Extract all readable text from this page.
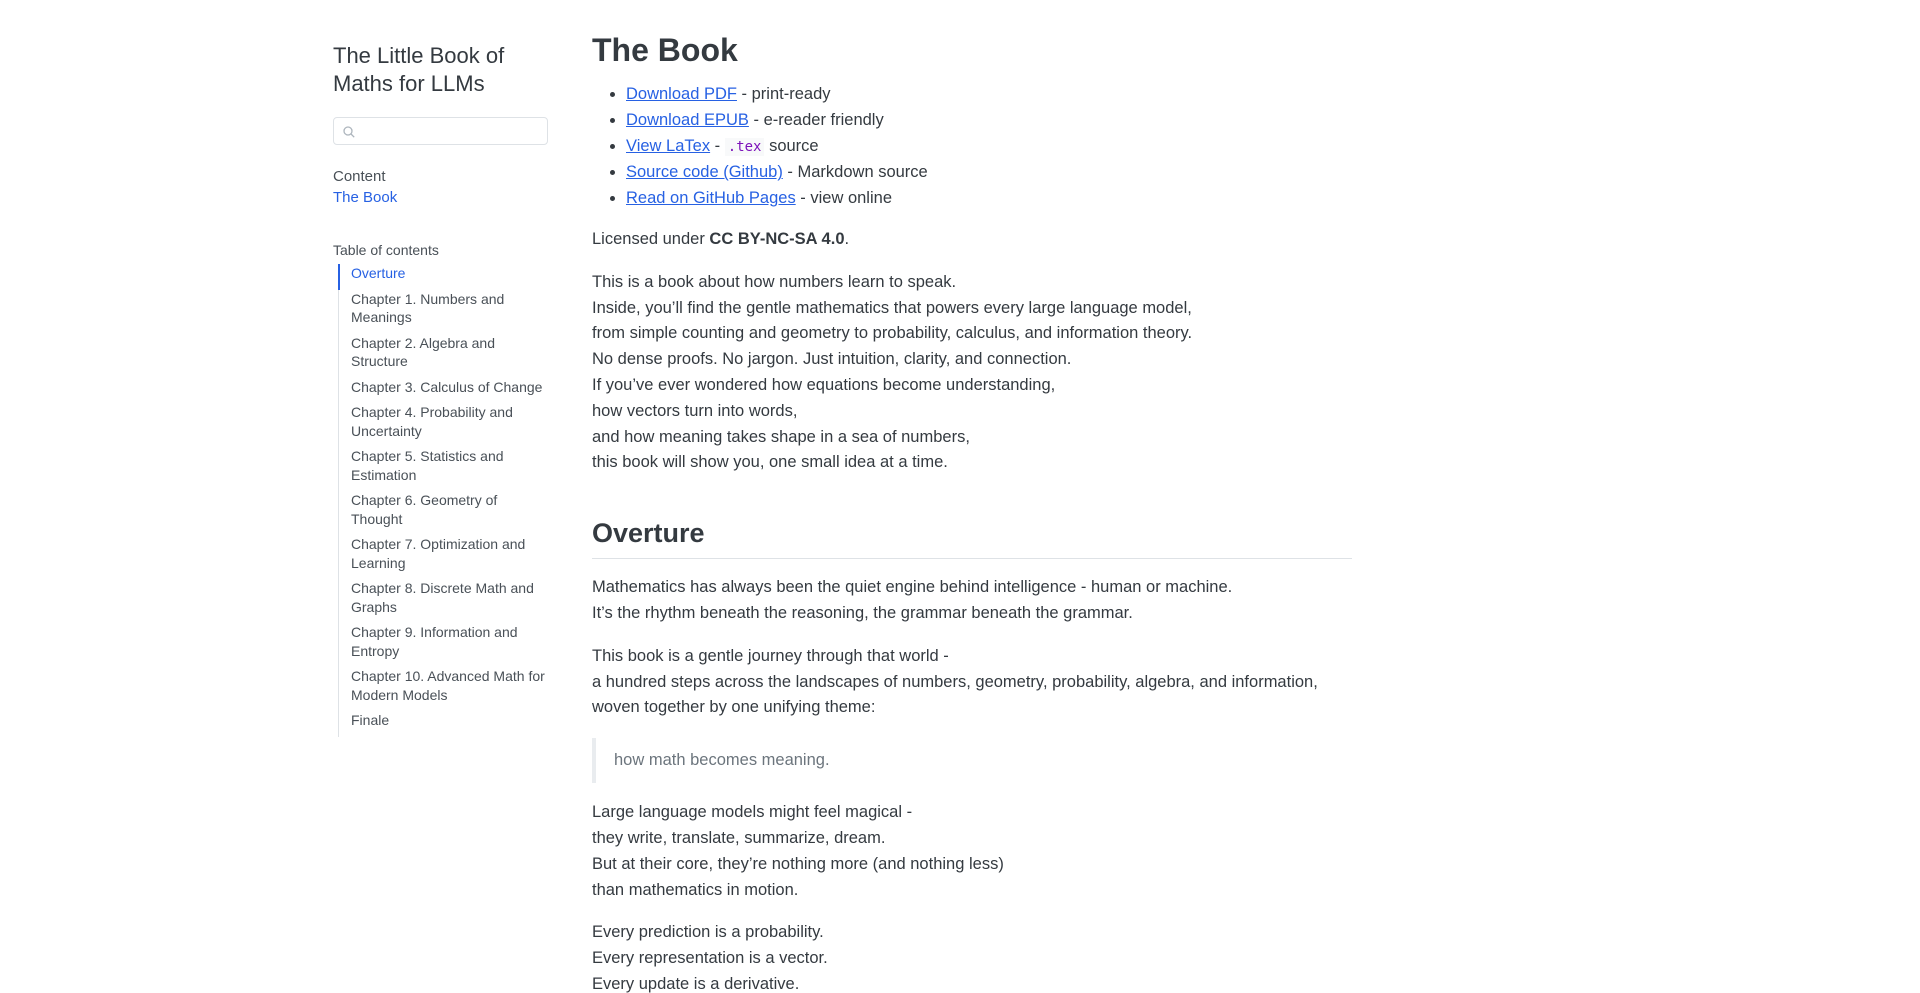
The Little Book of Maths for LLMs
Content
The Book
Table of contents
Overture
Chapter 1. Numbers and Meanings
Chapter 2. Algebra and Structure
Chapter 3. Calculus of Change
Chapter 4. Probability and Uncertainty
Chapter 5. Statistics and Estimation
Chapter 6. Geometry of Thought
Chapter 7. Optimization and Learning
Chapter 8. Discrete Math and Graphs
Chapter 9. Information and Entropy
Chapter 10. Advanced Math for Modern Models
Finale
The Book
• Download PDF - print-ready
• Download EPUB - e-reader friendly
• View LaTex - .tex source
• Source code (Github) - Markdown source
• Read on GitHub Pages - view online

Licensed under CC BY-NC-SA 4.0.

This is a book about how numbers learn to speak.
Inside, you’ll find the gentle mathematics that powers every large language model,
from simple counting and geometry to probability, calculus, and information theory.
No dense proofs. No jargon. Just intuition, clarity, and connection.
If you’ve ever wondered how equations become understanding,
how vectors turn into words,
and how meaning takes shape in a sea of numbers,
this book will show you, one small idea at a time.
Overture
Mathematics has always been the quiet engine behind intelligence - human or machine.
It’s the rhythm beneath the reasoning, the grammar beneath the grammar.
This book is a gentle journey through that world -
a hundred steps across the landscapes of numbers, geometry, probability, algebra, and information,
woven together by one unifying theme:
how math becomes meaning.
Large language models might feel magical -
they write, translate, summarize, dream.
But at their core, they’re nothing more (and nothing less)
than mathematics in motion.
Every prediction is a probability.
Every representation is a vector.
Every update is a derivative.
